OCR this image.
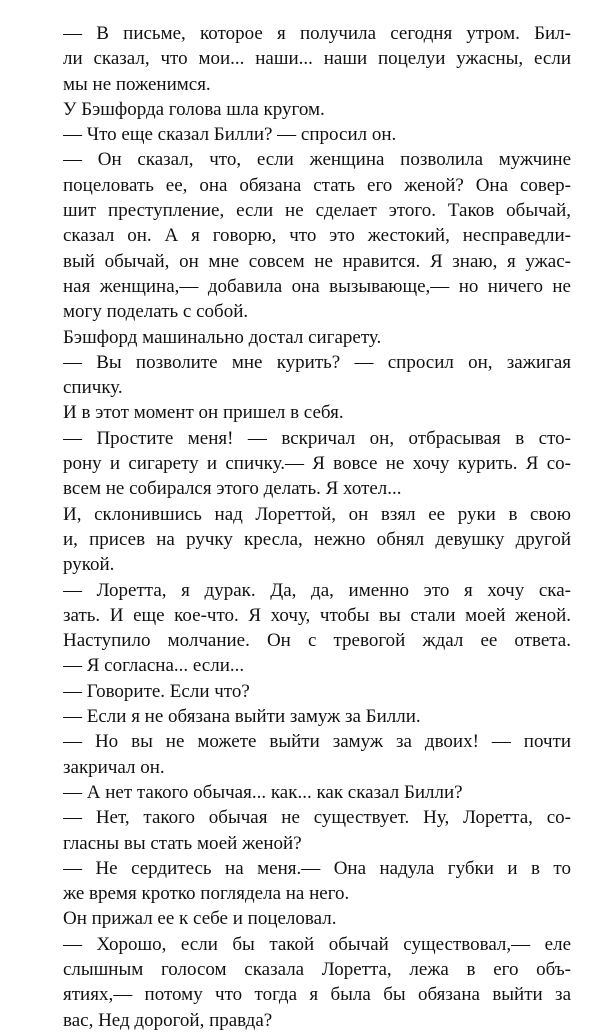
— В письме, которое я получила сегодня утром. Бил-
ли сказал, что мои... наши... наши поцелуи ужасны, если
мы не поженимся.
У Бэшфорда голова шла кругом.
— Что еще сказал Билли? — спросил он.
— Он сказал, что, если женщина позволила мужчине
поцеловать ее, она обязана стать его женой? Она совер-
шит преступление, если не сделает этого. Таков обычай,
сказал он. А я говорю, что это жестокий, несправедли-
вый обычай, он мне совсем не нравится. Я знаю, я ужас-
ная женщина,— добавила она вызывающе,— но ничего не
могу поделать с собой.
Бэшфорд машинально достал сигарету.
— Вы позволите мне курить? — спросил он, зажигая
спичку.
И в этот момент он пришел в себя.
— Простите меня! — вскричал он, отбрасывая в сто-
рону и сигарету и спичку.— Я вовсе не хочу курить. Я со-
всем не собирался этого делать. Я хотел...
И, склонившись над Лореттой, он взял ее руки в свою
и, присев на ручку кресла, нежно обнял девушку другой
рукой.
— Лоретта, я дурак. Да, да, именно это я хочу ска-
зать. И еще кое-что. Я хочу, чтобы вы стали моей женой.
Наступило молчание. Он с тревогой ждал ее ответа.
— Я согласна... если...
— Говорите. Если что?
— Если я не обязана выйти замуж за Билли.
— Но вы не можете выйти замуж за двоих! — почти
закричал он.
— А нет такого обычая... как... как сказал Билли?
— Нет, такого обычая не существует. Ну, Лоретта, со-
гласны вы стать моей женой?
— Не сердитесь на меня.— Она надула губки и в то
же время кротко поглядела на него.
Он прижал ее к себе и поцеловал.
— Хорошо, если бы такой обычай существовал,— еле
слышным голосом сказала Лоретта, лежа в его объ-
ятиях,— потому что тогда я была бы обязана выйти за
вас, Нед дорогой, правда?
